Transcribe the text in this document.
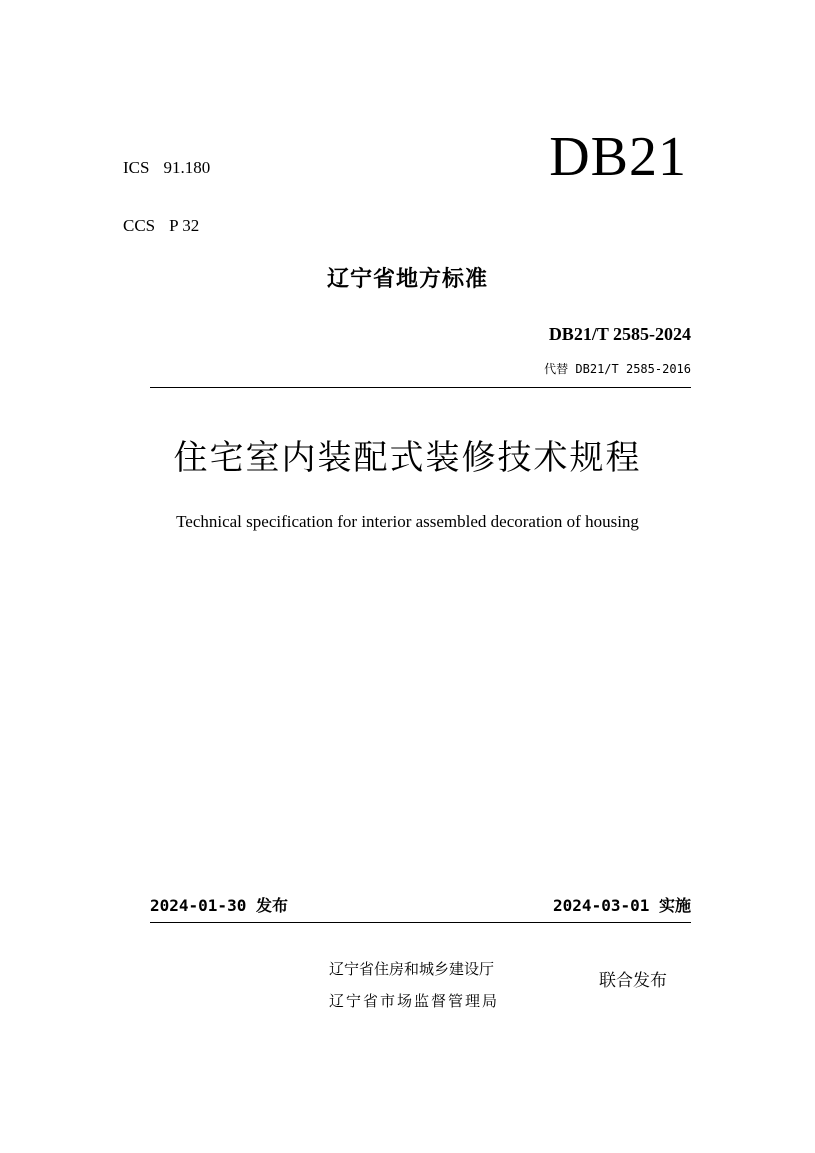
ICS 91.180
CCS P 32
DB21
辽宁省地方标准
DB21/T 2585-2024
代替 DB21/T 2585-2016
住宅室内装配式装修技术规程
Technical specification for interior assembled decoration of housing
2024-01-30 发布	2024-03-01 实施
辽宁省住房和城乡建设厅
辽宁省市场监督管理局
联合发布
